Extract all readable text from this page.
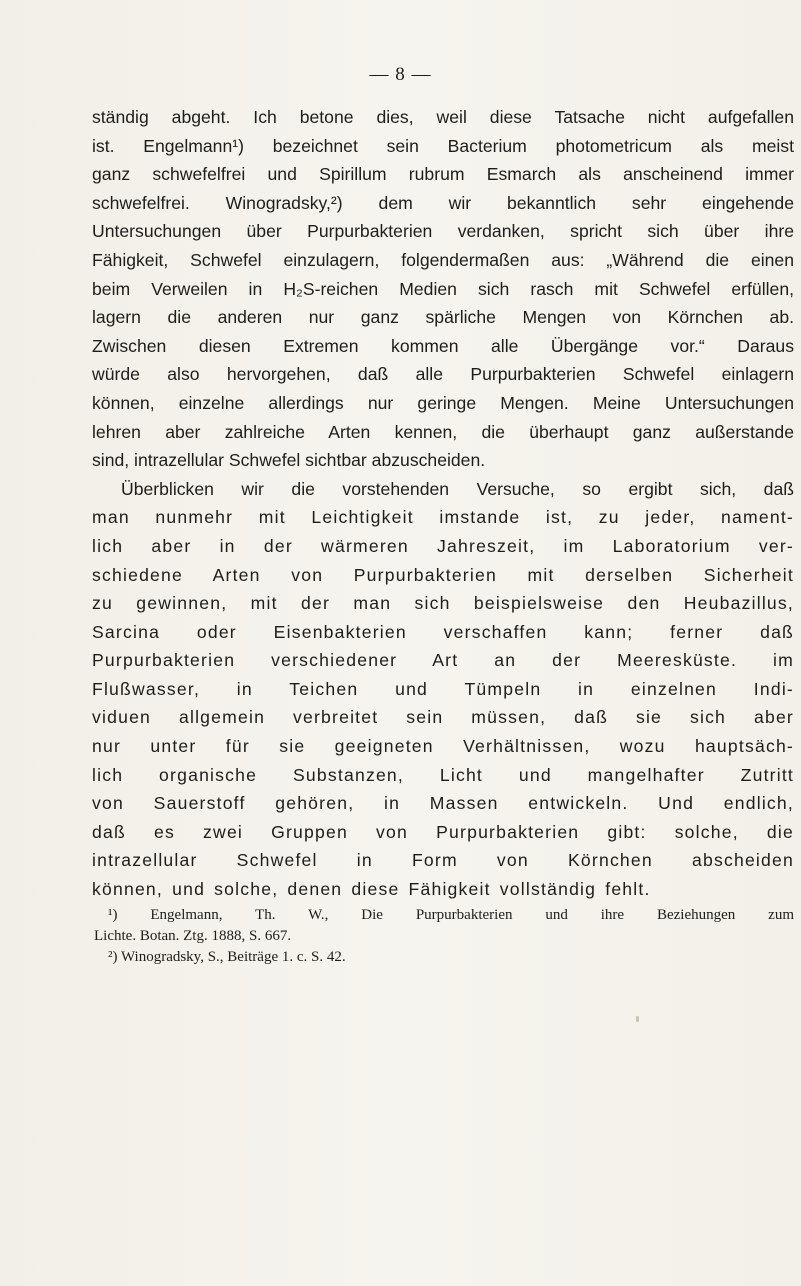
— 8 —
ständig abgeht. Ich betone dies, weil diese Tatsache nicht aufgefallen
ist. Engelmann¹) bezeichnet sein Bacterium photometricum als meist
ganz schwefelfrei und Spirillum rubrum Esmarch als anscheinend immer
schwefelfrei. Winogradsky,²) dem wir bekanntlich sehr eingehende
Untersuchungen über Purpurbakterien verdanken, spricht sich über ihre
Fähigkeit, Schwefel einzulagern, folgendermaßen aus: „Während die einen
beim Verweilen in H₂S-reichen Medien sich rasch mit Schwefel erfüllen,
lagern die anderen nur ganz spärliche Mengen von Körnchen ab.
Zwischen diesen Extremen kommen alle Übergänge vor.“ Daraus
würde also hervorgehen, daß alle Purpurbakterien Schwefel einlagern
können, einzelne allerdings nur geringe Mengen. Meine Untersuchungen
lehren aber zahlreiche Arten kennen, die überhaupt ganz außerstande
sind, intrazellular Schwefel sichtbar abzuscheiden.
Überblicken wir die vorstehenden Versuche, so ergibt sich, daß
man nunmehr mit Leichtigkeit imstande ist, zu jeder, nament-
lich aber in der wärmeren Jahreszeit, im Laboratorium ver-
schiedene Arten von Purpurbakterien mit derselben Sicherheit
zu gewinnen, mit der man sich beispielsweise den Heubazillus,
Sarcina oder Eisenbakterien verschaffen kann; ferner daß
Purpurbakterien verschiedener Art an der Meeresküste. im
Flußwasser, in Teichen und Tümpeln in einzelnen Indi-
viduen allgemein verbreitet sein müssen, daß sie sich aber
nur unter für sie geeigneten Verhältnissen, wozu hauptsäch-
lich organische Substanzen, Licht und mangelhafter Zutritt
von Sauerstoff gehören, in Massen entwickeln. Und endlich,
daß es zwei Gruppen von Purpurbakterien gibt: solche, die
intrazellular Schwefel in Form von Körnchen abscheiden
können, und solche, denen diese Fähigkeit vollständig fehlt.
¹) Engelmann, Th. W., Die Purpurbakterien und ihre Beziehungen zum
Lichte. Botan. Ztg. 1888, S. 667.
²) Winogradsky, S., Beiträge 1. c. S. 42.
